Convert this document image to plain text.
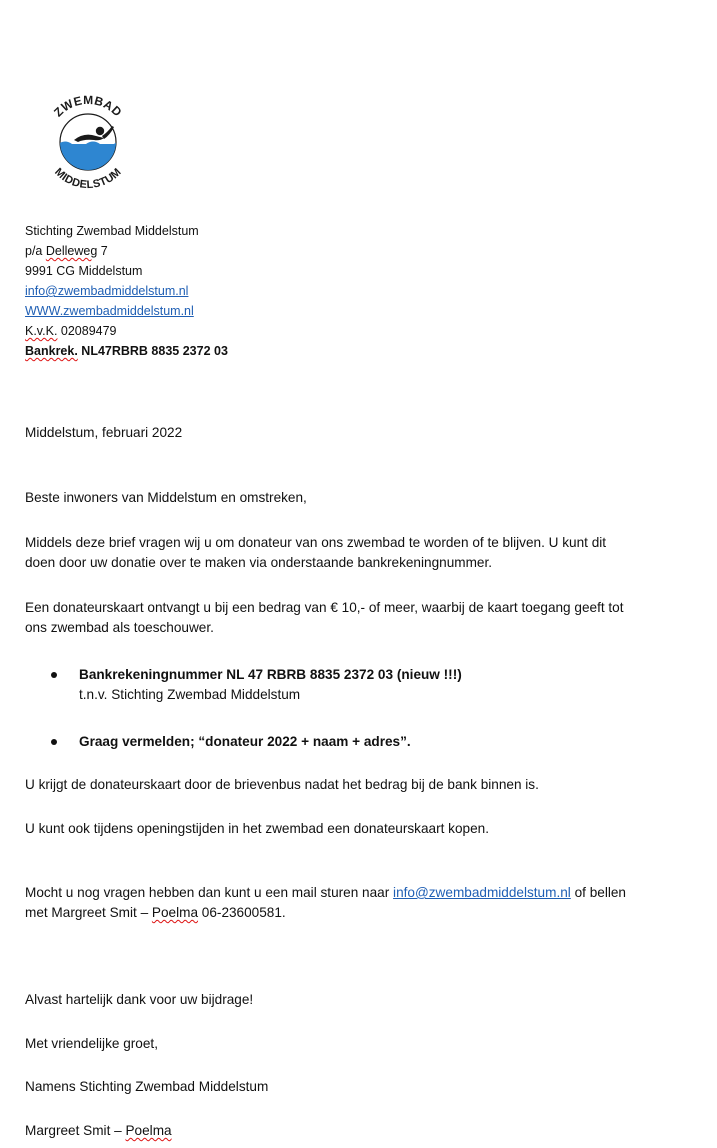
ZWEMBAD
MIDDELSTUM
Stichting Zwembad Middelstum
p/a Delleweg 7
9991 CG Middelstum
info@zwembadmiddelstum.nl
WWW.zwembadmiddelstum.nl
K.v.K. 02089479
Bankrek. NL47RBRB 8835 2372 03
Middelstum, februari 2022
Beste inwoners van Middelstum en omstreken,
Middels deze brief vragen wij u om donateur van ons zwembad te worden of te blijven. U kunt dit
doen door uw donatie over te maken via onderstaande bankrekeningnummer.
Een donateurskaart ontvangt u bij een bedrag van € 10,- of meer, waarbij de kaart toegang geeft tot
ons zwembad als toeschouwer.
Bankrekeningnummer NL 47 RBRB 8835 2372 03 (nieuw !!!)
t.n.v. Stichting Zwembad Middelstum
Graag vermelden; “donateur 2022 + naam + adres”.
U krijgt de donateurskaart door de brievenbus nadat het bedrag bij de bank binnen is.
U kunt ook tijdens openingstijden in het zwembad een donateurskaart kopen.
Mocht u nog vragen hebben dan kunt u een mail sturen naar info@zwembadmiddelstum.nl of bellen
met Margreet Smit – Poelma 06-23600581.
Alvast hartelijk dank voor uw bijdrage!
Met vriendelijke groet,
Namens Stichting Zwembad Middelstum
Margreet Smit – Poelma
